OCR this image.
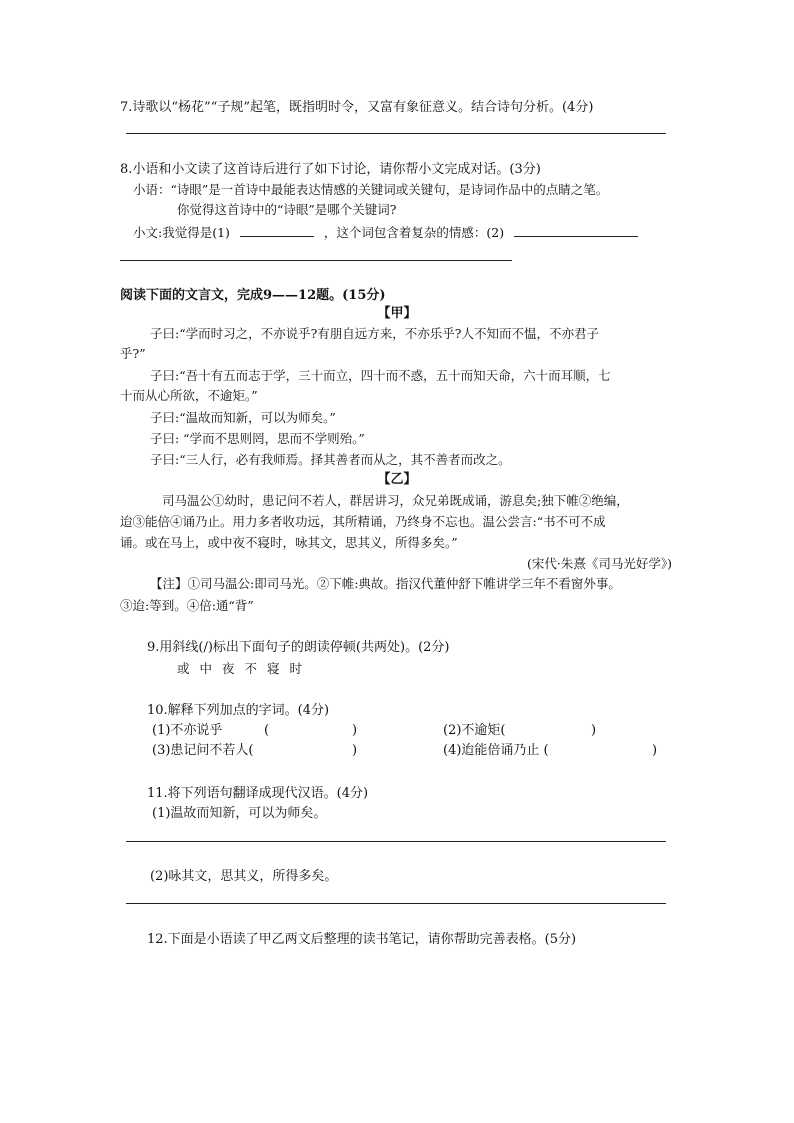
7.诗歌以“杨花”“子规”起笔，既指明时令，又富有象征意义。结合诗句分析。(4分)
8.小语和小文读了这首诗后进行了如下讨论，请你帮小文完成对话。(3分)
小语：“诗眼”是一首诗中最能表达情感的关键词或关键句，是诗词作品中的点睛之笔。
你觉得这首诗中的“诗眼”是哪个关键词?
小文:我觉得是(1)	，这个词包含着复杂的情感：(2)
阅读下面的文言文，完成9——12题。(15分)
【甲】
子曰:“学而时习之，不亦说乎?有朋自远方来，不亦乐乎?人不知而不愠，不亦君子
乎?”
子曰:“吾十有五而志于学，三十而立，四十而不惑，五十而知天命，六十而耳顺，七
十而从心所欲，不逾矩。”
子曰:“温故而知新，可以为师矣。”
子曰: “学而不思则罔，思而不学则殆。”
子曰:“三人行，必有我师焉。择其善者而从之，其不善者而改之。
【乙】
司马温公①幼时，患记问不若人，群居讲习，众兄弟既成诵，游息矣;独下帷②绝编，
迨③能倍④诵乃止。用力多者收功远，其所精诵，乃终身不忘也。温公尝言:“书不可不成
诵。或在马上，或中夜不寝时，咏其文，思其义，所得多矣。”
(宋代·朱熹《司马光好学》)
【注】①司马温公:即司马光。②下帷:典故。指汉代董仲舒下帷讲学三年不看窗外事。
③迨:等到。④倍:通“背”
9.用斜线(/)标出下面句子的朗读停顿(共两处)。(2分)
或中夜不寝时
10.解释下列加点的字词。(4分)
(1)不亦说乎	(	)	(2)不逾矩(	)
(3)患记问不若人(	)	(4)迨能倍诵乃止 (	)
11.将下列语句翻译成现代汉语。(4分)
(1)温故而知新，可以为师矣。
(2)咏其文，思其义，所得多矣。
12.下面是小语读了甲乙两文后整理的读书笔记，请你帮助完善表格。(5分)
